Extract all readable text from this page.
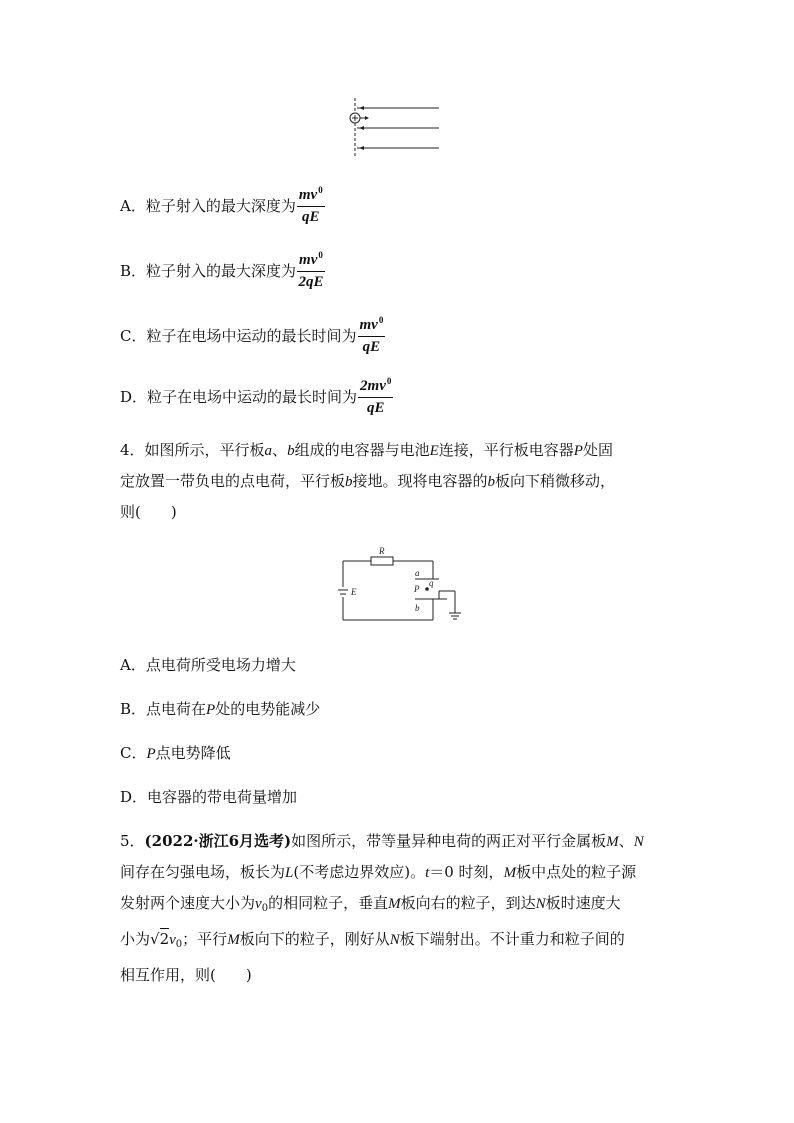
A． 粒子射入的最大深度为 $\frac{mv^0}{qE}$
B． 粒子射入的最大深度为 $\frac{mv^0}{2qE}$
C． 粒子在电场中运动的最长时间为 $\frac{mv^0}{qE}$
D． 粒子在电场中运动的最长时间为 $\frac{2mv^0}{qE}$
4．如图所示，平行板a、b组成的电容器与电池E连接，平行板电容器P处固
定放置一带负电的点电荷，平行板b接地。现将电容器的b板向下稍微移动，
则(　　)
R
E
a
P
q
b
A．点电荷所受电场力增大
B．点电荷在P处的电势能减少
C．P点电势降低
D．电容器的带电荷量增加
5．(2022·浙江6月选考)如图所示，带等量异种电荷的两正对平行金属板M、N
间存在匀强电场，板长为L(不考虑边界效应)。t＝0 时刻，M板中点处的粒子源
发射两个速度大小为$v_0$的相同粒子，垂直M板向右的粒子，到达N板时速度大
小为$√2v_0$；平行M板向下的粒子，刚好从N板下端射出。不计重力和粒子间的
相互作用，则(　　)
